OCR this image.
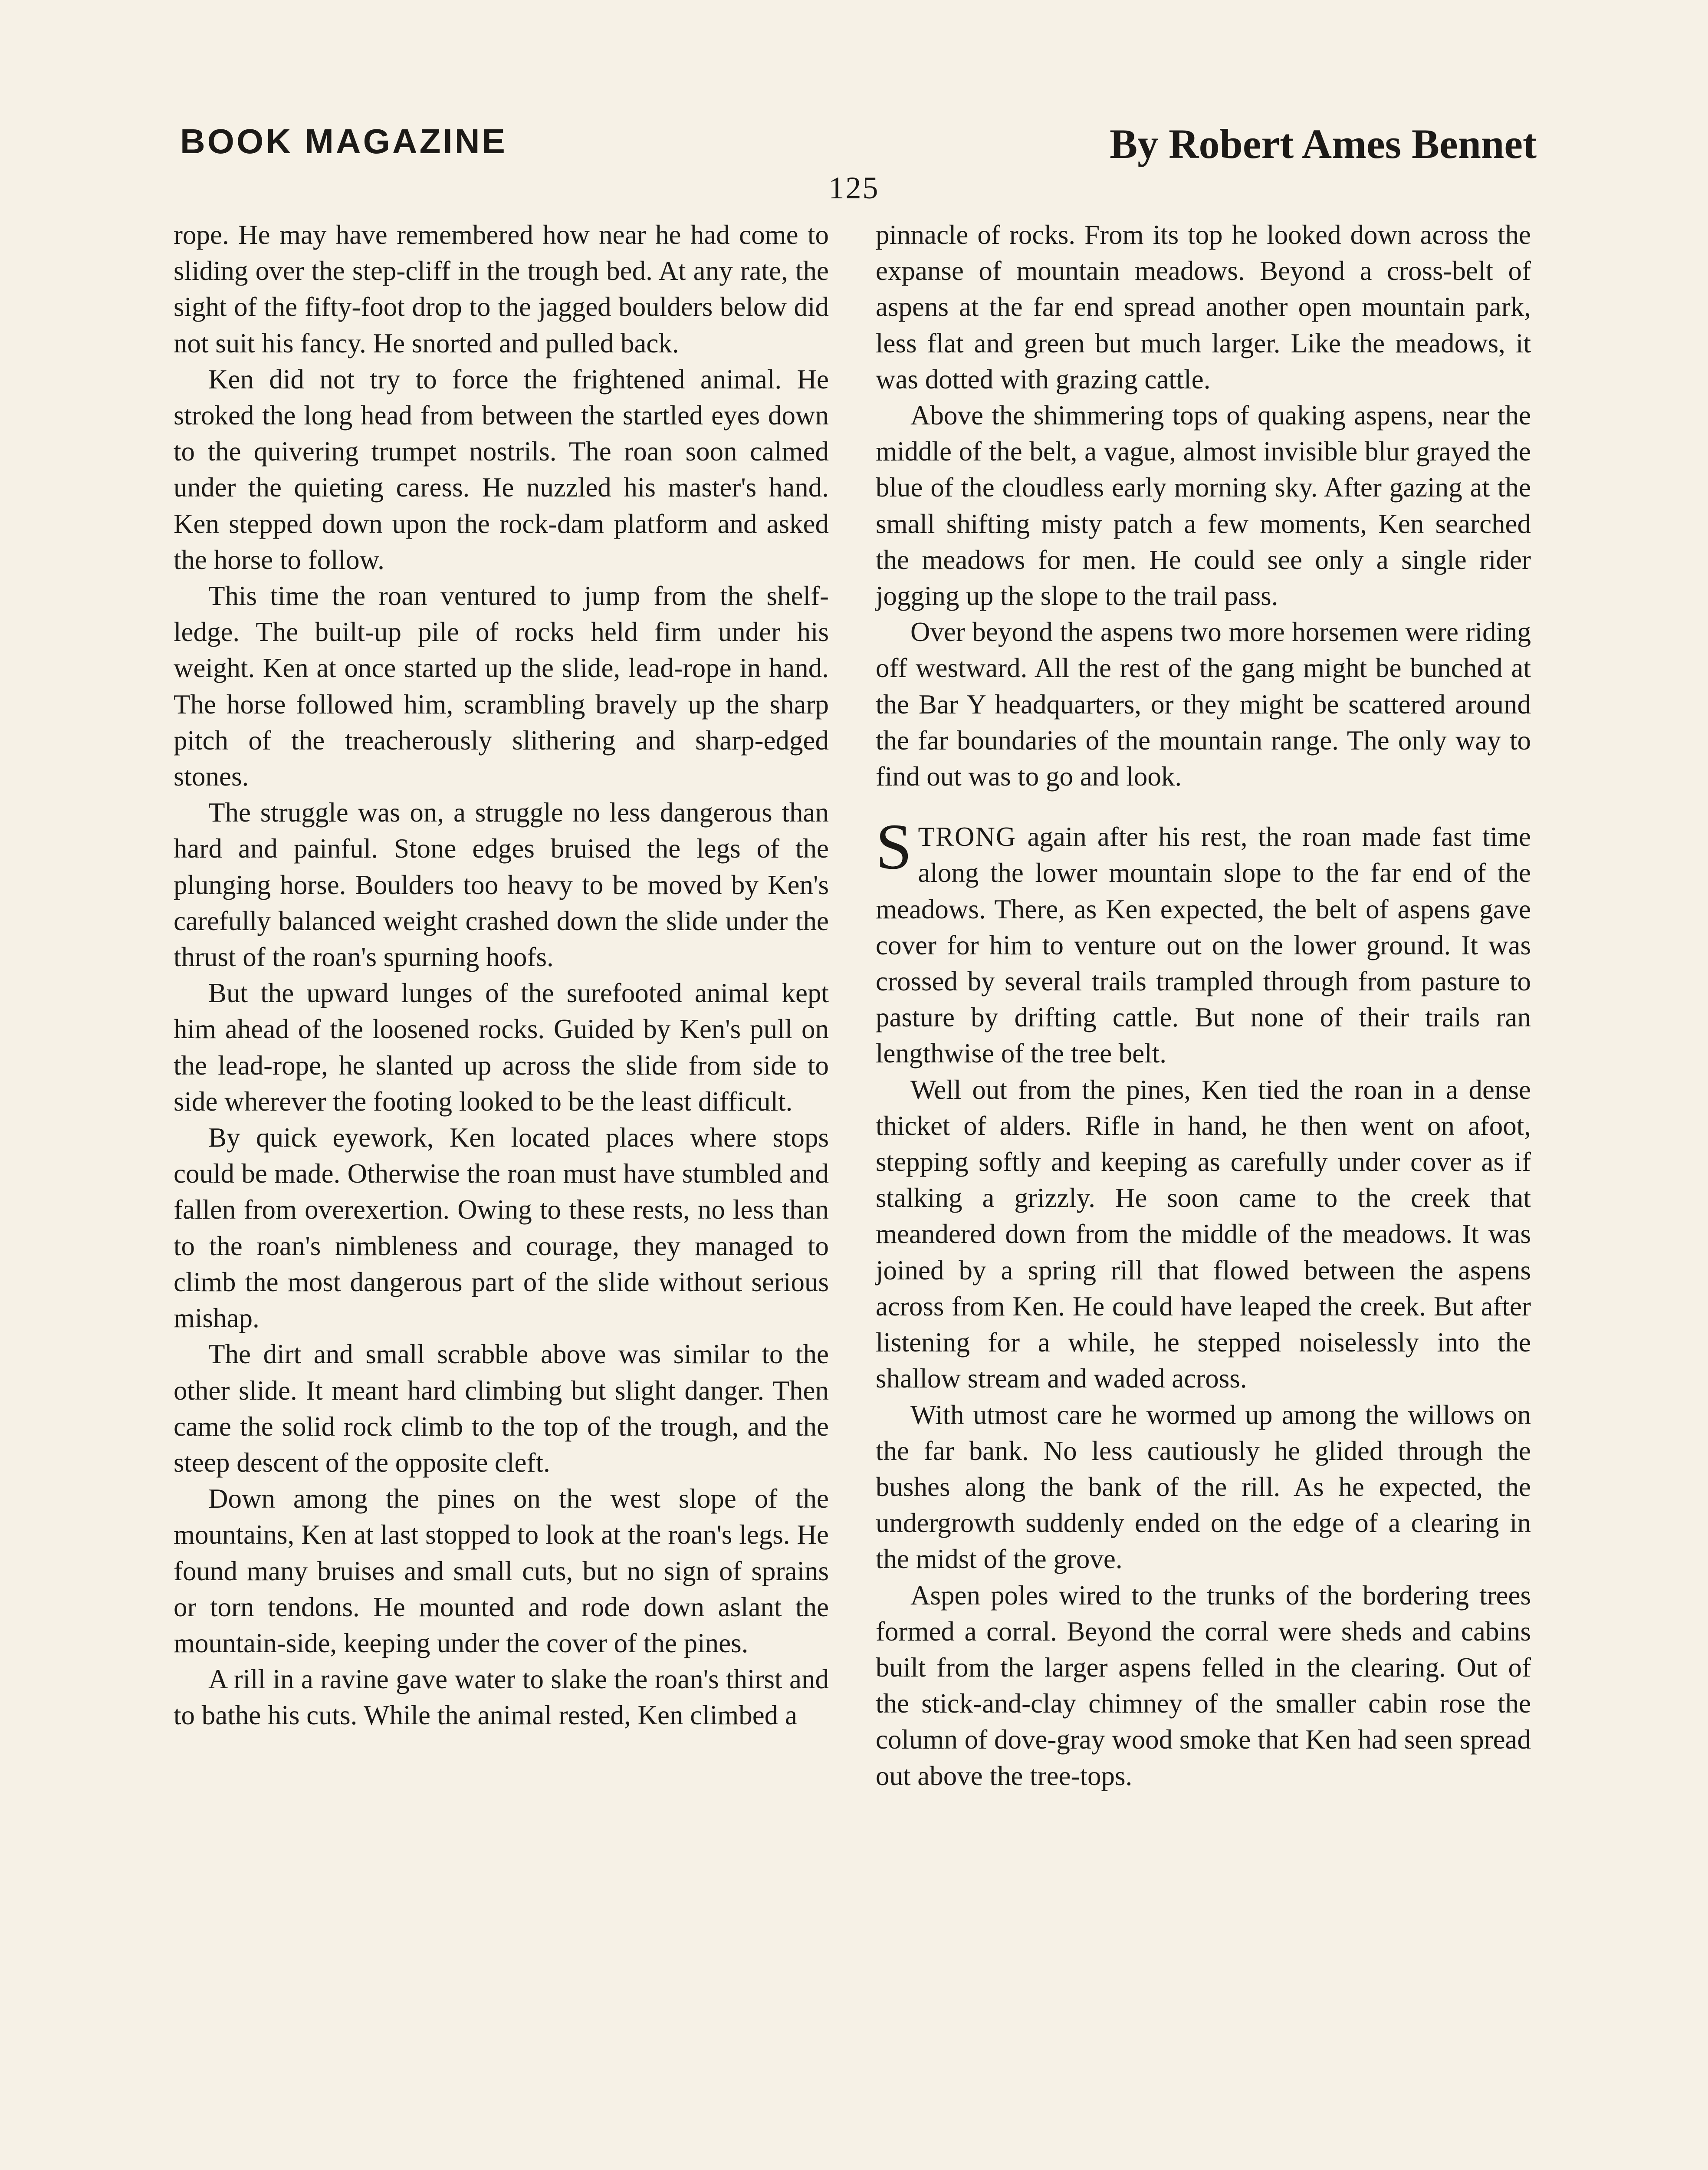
BOOK MAGAZINE	By Robert Ames Bennet
125

rope. He may have remembered how near he had come to sliding over the step-cliff in the trough bed. At any rate, the sight of the fifty-foot drop to the jagged boulders below did not suit his fancy. He snorted and pulled back.

Ken did not try to force the frightened animal. He stroked the long head from between the startled eyes down to the quivering trumpet nostrils. The roan soon calmed under the quieting caress. He nuzzled his master's hand. Ken stepped down upon the rock-dam platform and asked the horse to follow.

This time the roan ventured to jump from the shelf-ledge. The built-up pile of rocks held firm under his weight. Ken at once started up the slide, lead-rope in hand. The horse followed him, scrambling bravely up the sharp pitch of the treacherously slithering and sharp-edged stones.

The struggle was on, a struggle no less dangerous than hard and painful. Stone edges bruised the legs of the plunging horse. Boulders too heavy to be moved by Ken's carefully balanced weight crashed down the slide under the thrust of the roan's spurning hoofs.

But the upward lunges of the surefooted animal kept him ahead of the loosened rocks. Guided by Ken's pull on the lead-rope, he slanted up across the slide from side to side wherever the footing looked to be the least difficult.

By quick eyework, Ken located places where stops could be made. Otherwise the roan must have stumbled and fallen from overexertion. Owing to these rests, no less than to the roan's nimbleness and courage, they managed to climb the most dangerous part of the slide without serious mishap.

The dirt and small scrabble above was similar to the other slide. It meant hard climbing but slight danger. Then came the solid rock climb to the top of the trough, and the steep descent of the opposite cleft.

Down among the pines on the west slope of the mountains, Ken at last stopped to look at the roan's legs. He found many bruises and small cuts, but no sign of sprains or torn tendons. He mounted and rode down aslant the mountain-side, keeping under the cover of the pines.

A rill in a ravine gave water to slake the roan's thirst and to bathe his cuts. While the animal rested, Ken climbed a

pinnacle of rocks. From its top he looked down across the expanse of mountain meadows. Beyond a cross-belt of aspens at the far end spread another open mountain park, less flat and green but much larger. Like the meadows, it was dotted with grazing cattle.

Above the shimmering tops of quaking aspens, near the middle of the belt, a vague, almost invisible blur grayed the blue of the cloudless early morning sky. After gazing at the small shifting misty patch a few moments, Ken searched the meadows for men. He could see only a single rider jogging up the slope to the trail pass.

Over beyond the aspens two more horsemen were riding off westward. All the rest of the gang might be bunched at the Bar Y headquarters, or they might be scattered around the far boundaries of the mountain range. The only way to find out was to go and look.

STRONG again after his rest, the roan made fast time along the lower mountain slope to the far end of the meadows. There, as Ken expected, the belt of aspens gave cover for him to venture out on the lower ground. It was crossed by several trails trampled through from pasture to pasture by drifting cattle. But none of their trails ran lengthwise of the tree belt.

Well out from the pines, Ken tied the roan in a dense thicket of alders. Rifle in hand, he then went on afoot, stepping softly and keeping as carefully under cover as if stalking a grizzly. He soon came to the creek that meandered down from the middle of the meadows. It was joined by a spring rill that flowed between the aspens across from Ken. He could have leaped the creek. But after listening for a while, he stepped noiselessly into the shallow stream and waded across.

With utmost care he wormed up among the willows on the far bank. No less cautiously he glided through the bushes along the bank of the rill. As he expected, the undergrowth suddenly ended on the edge of a clearing in the midst of the grove.

Aspen poles wired to the trunks of the bordering trees formed a corral. Beyond the corral were sheds and cabins built from the larger aspens felled in the clearing. Out of the stick-and-clay chimney of the smaller cabin rose the column of dove-gray wood smoke that Ken had seen spread out above the tree-tops.
